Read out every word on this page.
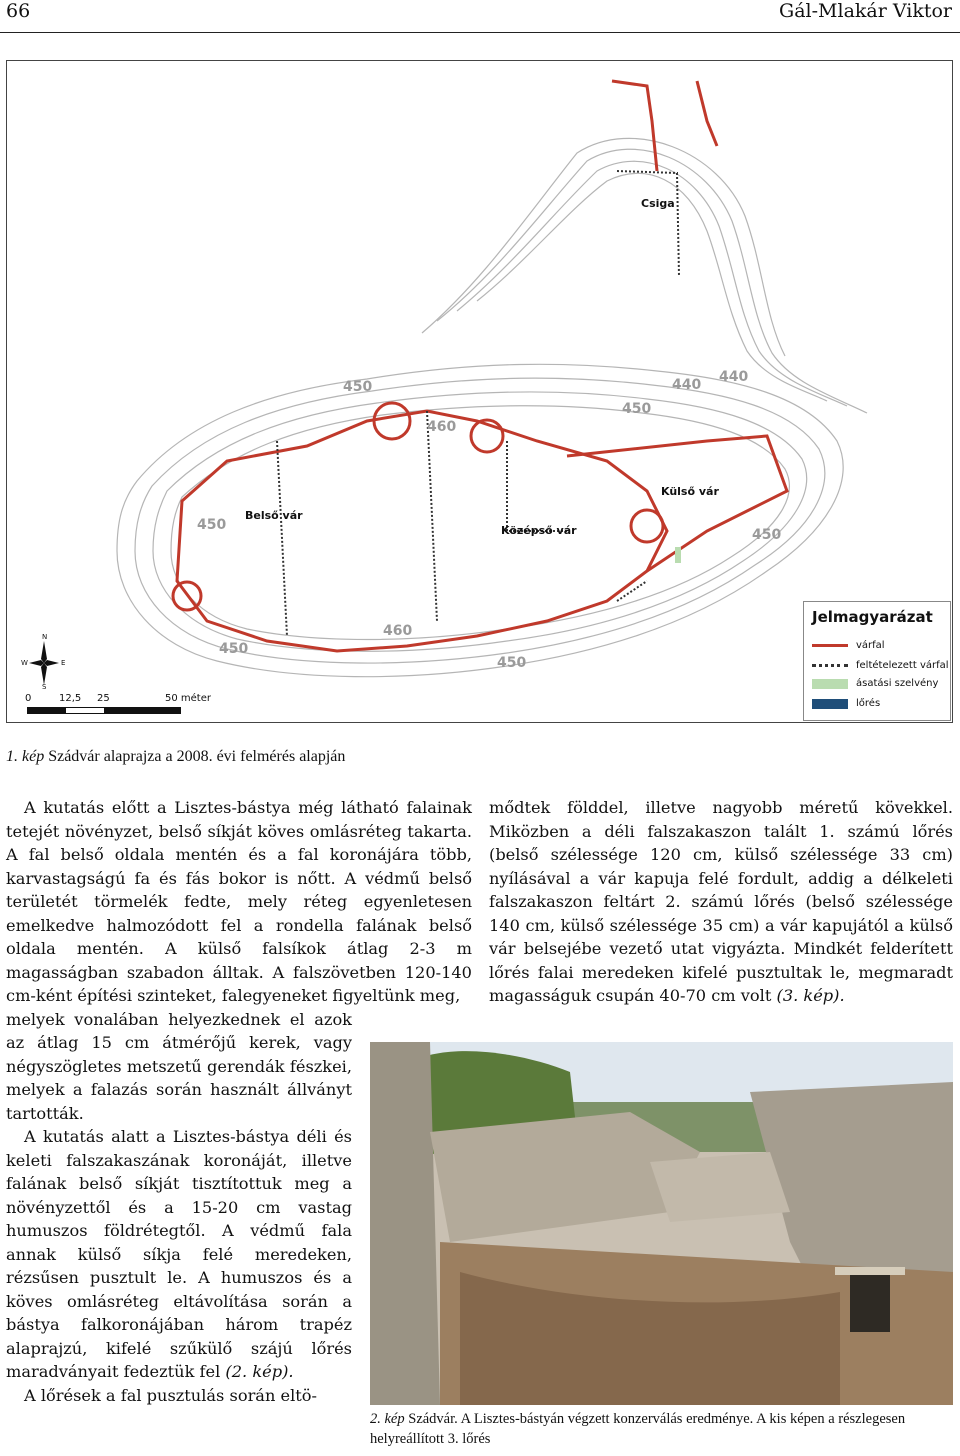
66	Gál-Mlakár Viktor
Csiga
Belső vár
Középső vár
Külső vár
450
460
440 440
450
450
450
450
450
460
N
S
W	E
0	12,5 25	50 méter
Jelmagyarázat
várfal
feltételezett várfal
ásatási szelvény
lőrés
1. kép Szádvár alaprajza a 2008. évi felmérés alapján

A kutatás előtt a Lisztes-bástya még látható falainak tetejét növényzet, belső síkját köves omlásréteg takarta. A fal belső oldala mentén és a fal koronájára több, karvastagságú fa és fás bokor is nőtt. A védmű belső területét törmelék fedte, mely réteg egyenletesen emelkedve halmozódott fel a rondella falának belső oldala mentén. A külső falsíkok átlag 2-3 m magasságban szabadon álltak. A falszövetben 120-140 cm-ként építési szinteket, falegyeneket figyeltünk meg,

melyek vonalában helyezkednek el azok az átlag 15 cm átmérőjű kerek, vagy négyszögletes metszetű gerendák fészkei, melyek a falazás során használt állványt tartották.

A kutatás alatt a Lisztes-bástya déli és keleti falszakaszának koronáját, illetve falának belső síkját tisztítottuk meg a növényzettől és a 15-20 cm vastag humuszos földrétegtől. A védmű fala annak külső síkja felé meredeken, rézsűsen pusztult le. A humuszos és a köves omlásréteg eltávolítása során a bástya falkoronájában három trapéz alaprajzú, kifelé szűkülő szájú lőrés maradványait fedeztük fel (2. kép).

A lőrések a fal pusztulás során eltö-

mődtek földdel, illetve nagyobb méretű kövekkel. Miközben a déli falszakaszon talált 1. számú lőrés (belső szélessége 120 cm, külső szélessége 33 cm) nyílásával a vár kapuja felé fordult, addig a délkeleti falszakaszon feltárt 2. számú lőrés (belső szélessége 140 cm, külső szélessége 35 cm) a vár kapujától a külső vár belsejébe vezető utat vigyázta. Mindkét felderített lőrés falai meredeken kifelé pusztultak le, megmaradt magasságuk csupán 40-70 cm volt (3. kép).

2. kép Szádvár. A Lisztes-bástyán végzett konzerválás eredménye. A kis képen a részlegesen helyreállított 3. lőrés
